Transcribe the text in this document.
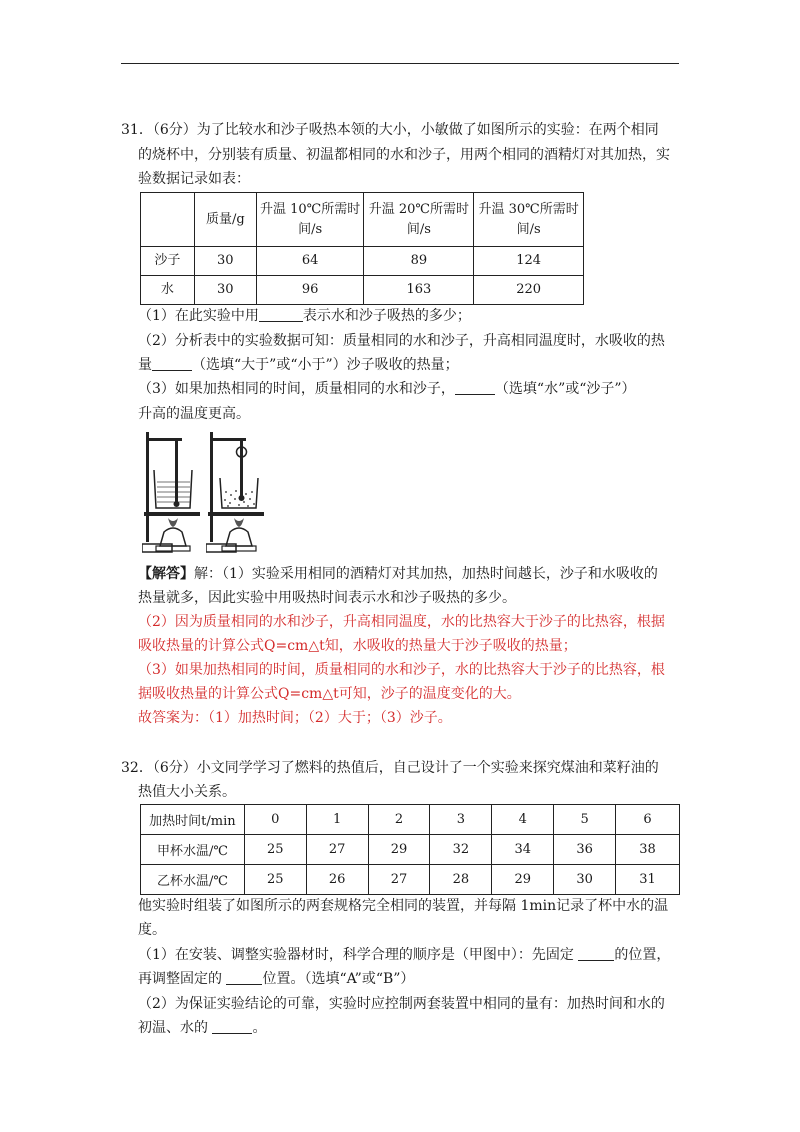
31．（6分）为了比较水和沙子吸热本领的大小，小敏做了如图所示的实验：在两个相同
的烧杯中，分别装有质量、初温都相同的水和沙子，用两个相同的酒精灯对其加热，实
验数据记录如表：
	质量/g	升温 10℃所需时间/s	升温 20℃所需时间/s	升温 30℃所需时间/s
沙子	30	64	89	124
水	30	96	163	220
（1）在此实验中用	表示水和沙子吸热的多少；
（2）分析表中的实验数据可知：质量相同的水和沙子，升高相同温度时，水吸收的热
量	（选填“大于”或“小于”）沙子吸收的热量；
（3）如果加热相同的时间，质量相同的水和沙子，	（选填“水”或“沙子”）
升高的温度更高。
【解答】解：（1）实验采用相同的酒精灯对其加热，加热时间越长，沙子和水吸收的
热量就多，因此实验中用吸热时间表示水和沙子吸热的多少。
（2）因为质量相同的水和沙子，升高相同温度，水的比热容大于沙子的比热容，根据
吸收热量的计算公式Q=cm△t知，水吸收的热量大于沙子吸收的热量；
（3）如果加热相同的时间，质量相同的水和沙子，水的比热容大于沙子的比热容，根
据吸收热量的计算公式Q=cm△t可知，沙子的温度变化的大。
故答案为：（1）加热时间；（2）大于；（3）沙子。
32．（6分）小文同学学习了燃料的热值后，自己设计了一个实验来探究煤油和菜籽油的
热值大小关系。
加热时间t/min	0	1	2	3	4	5	6
甲杯水温/℃	25	27	29	32	34	36	38
乙杯水温/℃	25	26	27	28	29	30	31
他实验时组装了如图所示的两套规格完全相同的装置，并每隔 1min记录了杯中水的温
度。
（1）在安装、调整实验器材时，科学合理的顺序是（甲图中）：先固定	的位置，
再调整固定的	位置。（选填“A”或“B”）
（2）为保证实验结论的可靠，实验时应控制两套装置中相同的量有：加热时间和水的
初温、水的	。
